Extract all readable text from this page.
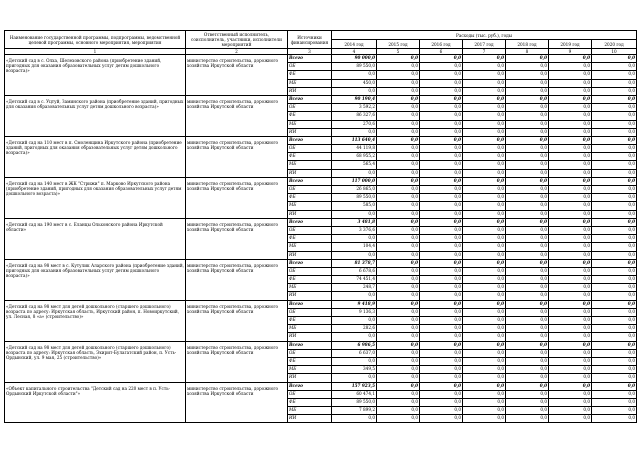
Наименование государственной программы, подпрограммы, ведомственной целевой программы, основного мероприятия, мероприятия	Ответственный исполнитель, соисполнитель, участники, исполнители мероприятий	Источники финансирования	Расходы (тыс. руб.), годы						
			2014 год	2015 год	2016 год	2017 год	2018 год	2019 год	2020 год
1	2	3	4	5	6	7	8	9	10
«Детский сад в с. Олха, Шелеховского района (приобретение зданий, пригодных для оказания образовательных услуг детям дошкольного возраста)»	министерство строительства, дорожного хозяйства Иркутской области	Всего	90 000,0	0,0	0,0	0,0	0,0	0,0	0,0
		ОБ	89 550,0	0,0	0,0	0,0	0,0	0,0	0,0
		ФБ	0,0	0,0	0,0	0,0	0,0	0,0	0,0
		МБ	450,0	0,0	0,0	0,0	0,0	0,0	0,0
		ИИ	0,0	0,0	0,0	0,0	0,0	0,0	0,0
«Детский сад в с. Уцтуй, Заминского района (приобретение зданий, пригодных для оказания образовательных услуг детям дошкольного возраста)»	министерство строительства, дорожного хозяйства Иркутской области	Всего	90 190,4	0,0	0,0	0,0	0,0	0,0	0,0
		ОБ	3 592,2	0,0	0,0	0,0	0,0	0,0	0,0
		ФБ	86 327,6	0,0	0,0	0,0	0,0	0,0	0,0
		МБ	270,6	0,0	0,0	0,0	0,0	0,0	0,0
		ИИ	0,0	0,0	0,0	0,0	0,0	0,0	0,0
«Детский сад на 110 мест в п. Смоленщина Иркутского района (приобретение зданий, пригодных для оказания образовательных услуг детям дошкольного возраста)»	министерство строительства, дорожного хозяйства Иркутской области	Всего	113 640,4	0,0	0,0	0,0	0,0	0,0	0,0
		ОБ	44 119,8	0,0	0,0	0,0	0,0	0,0	0,0
		ФБ	68 955,2	0,0	0,0	0,0	0,0	0,0	0,0
		МБ	565,4	0,0	0,0	0,0	0,0	0,0	0,0
		ИИ	0,0	0,0	0,0	0,0	0,0	0,0	0,0
«Детский сад на 140 мест в ЖК "Стрижи" п. Марково Иркутского района (приобретение зданий, пригодных для оказания образовательных услуг детям дошкольного возраста)»	министерство строительства, дорожного хозяйства Иркутской области	Всего	117 000,0	0,0	0,0	0,0	0,0	0,0	0,0
		ОБ	26 865,0	0,0	0,0	0,0	0,0	0,0	0,0
		ФБ	89 550,0	0,0	0,0	0,0	0,0	0,0	0,0
		МБ	585,0	0,0	0,0	0,0	0,0	0,0	0,0
		ИИ	0,0	0,0	0,0	0,0	0,0	0,0	0,0
«Детский сад на 190 мест в с. Еланцы Ольхонского района Иркутской области»	министерство строительства, дорожного хозяйства Иркутской области	Всего	3 481,8	0,0	0,0	0,0	0,0	0,0	0,0
		ОБ	3 376,6	0,0	0,0	0,0	0,0	0,0	0,0
		ФБ	0,0	0,0	0,0	0,0	0,0	0,0	0,0
		МБ	104,4	0,0	0,0	0,0	0,0	0,0	0,0
		ИИ	0,0	0,0	0,0	0,0	0,0	0,0	0,0
«Детский сад на 98 мест в с. Кутулик Аларского района (приобретение зданий, пригодных для оказания образовательных услуг детям дошкольного возраста)»	министерство строительства, дорожного хозяйства Иркутской области	Всего	81 378,7	0,0	0,0	0,0	0,0	0,0	0,0
		ОБ	6 678,6	0,0	0,0	0,0	0,0	0,0	0,0
		ФБ	74 451,4	0,0	0,0	0,0	0,0	0,0	0,0
		МБ	248,7	0,0	0,0	0,0	0,0	0,0	0,0
		ИИ	0,0	0,0	0,0	0,0	0,0	0,0	0,0
«Детский сад на 98 мест для детей дошкольного (старшего дошкольного) возраста по адресу: Иркутская область, Иркутский район, п. Новоиркутский, ул. Лесная, 8 «а» (строительство)»	министерство строительства, дорожного хозяйства Иркутской области	Всего	9 418,9	0,0	0,0	0,0	0,0	0,0	0,0
		ОБ	9 136,3	0,0	0,0	0,0	0,0	0,0	0,0
		ФБ	0,0	0,0	0,0	0,0	0,0	0,0	0,0
		МБ	282,6	0,0	0,0	0,0	0,0	0,0	0,0
		ИИ	0,0	0,0	0,0	0,0	0,0	0,0	0,0
«Детский сад на 98 мест для детей дошкольного (старшего дошкольного) возраста по адресу: Иркутская область, Эхирит-Булагатский район, п. Усть-Ордынский, ул. 9 мая, 25 (строительство)»	министерство строительства, дорожного хозяйства Иркутской области	Всего	6 986,5	0,0	0,0	0,0	0,0	0,0	0,0
		ОБ	6 637,0	0,0	0,0	0,0	0,0	0,0	0,0
		ФБ	0,0	0,0	0,0	0,0	0,0	0,0	0,0
		МБ	349,5	0,0	0,0	0,0	0,0	0,0	0,0
		ИИ	0,0	0,0	0,0	0,0	0,0	0,0	0,0
«Объект капитального строительства "Детский сад на 220 мест в п. Усть-Ордынский Иркутской области"»	министерство строительства, дорожного хозяйства Иркутской области	Всего	157 923,5	0,0	0,0	0,0	0,0	0,0	0,0
		ОБ	60 474,1	0,0	0,0	0,0	0,0	0,0	0,0
		ФБ	89 550,0	0,0	0,0	0,0	0,0	0,0	0,0
		МБ	7 899,2	0,0	0,0	0,0	0,0	0,0	0,0
		ИИ	0,0	0,0	0,0	0,0	0,0	0,0	0,0
